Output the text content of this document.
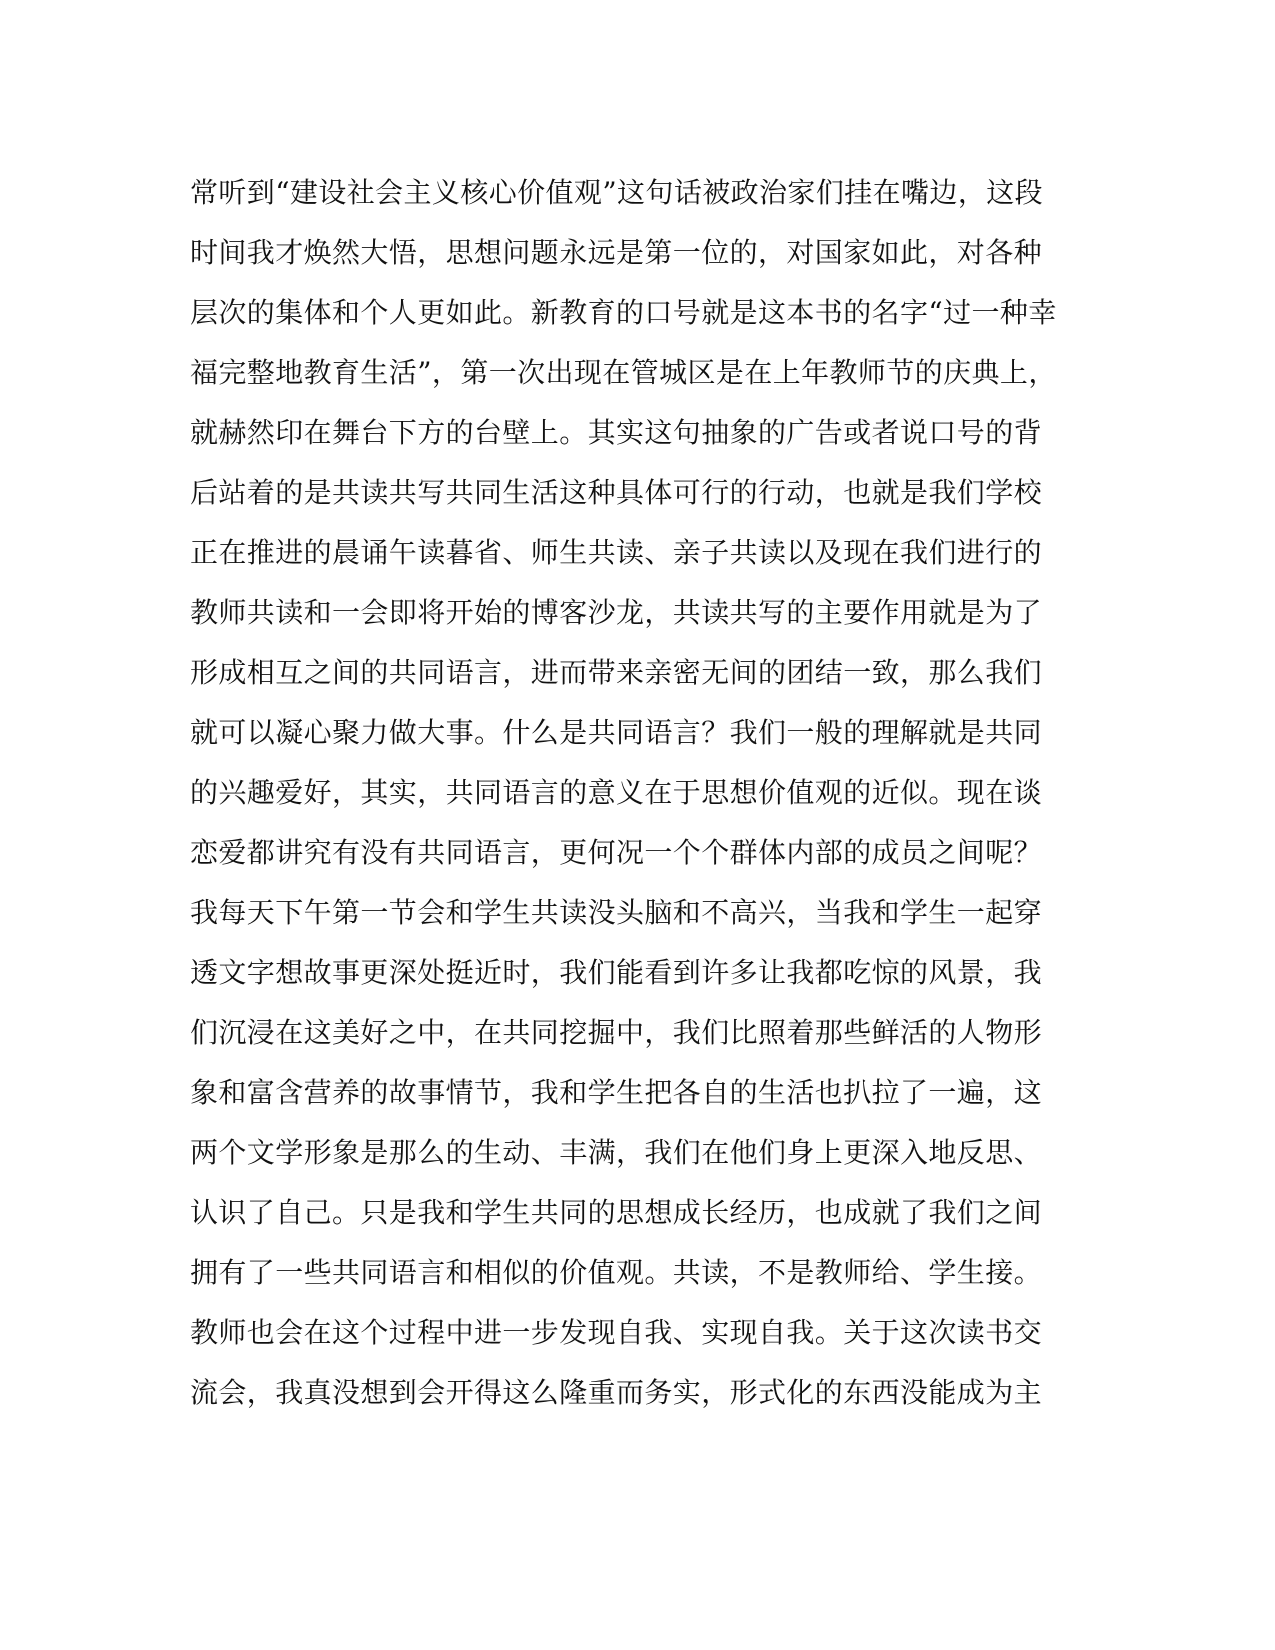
常听到“建设社会主义核心价值观”这句话被政治家们挂在嘴边，这段
时间我才焕然大悟，思想问题永远是第一位的，对国家如此，对各种
层次的集体和个人更如此。新教育的口号就是这本书的名字“过一种幸
福完整地教育生活”，第一次出现在管城区是在上年教师节的庆典上，
就赫然印在舞台下方的台壁上。其实这句抽象的广告或者说口号的背
后站着的是共读共写共同生活这种具体可行的行动，也就是我们学校
正在推进的晨诵午读暮省、师生共读、亲子共读以及现在我们进行的
教师共读和一会即将开始的博客沙龙，共读共写的主要作用就是为了
形成相互之间的共同语言，进而带来亲密无间的团结一致，那么我们
就可以凝心聚力做大事。什么是共同语言？我们一般的理解就是共同
的兴趣爱好，其实，共同语言的意义在于思想价值观的近似。现在谈
恋爱都讲究有没有共同语言，更何况一个个群体内部的成员之间呢？
我每天下午第一节会和学生共读没头脑和不高兴，当我和学生一起穿
透文字想故事更深处挺近时，我们能看到许多让我都吃惊的风景，我
们沉浸在这美好之中，在共同挖掘中，我们比照着那些鲜活的人物形
象和富含营养的故事情节，我和学生把各自的生活也扒拉了一遍，这
两个文学形象是那么的生动、丰满，我们在他们身上更深入地反思、
认识了自己。只是我和学生共同的思想成长经历，也成就了我们之间
拥有了一些共同语言和相似的价值观。共读，不是教师给、学生接。
教师也会在这个过程中进一步发现自我、实现自我。关于这次读书交
流会，我真没想到会开得这么隆重而务实，形式化的东西没能成为主
